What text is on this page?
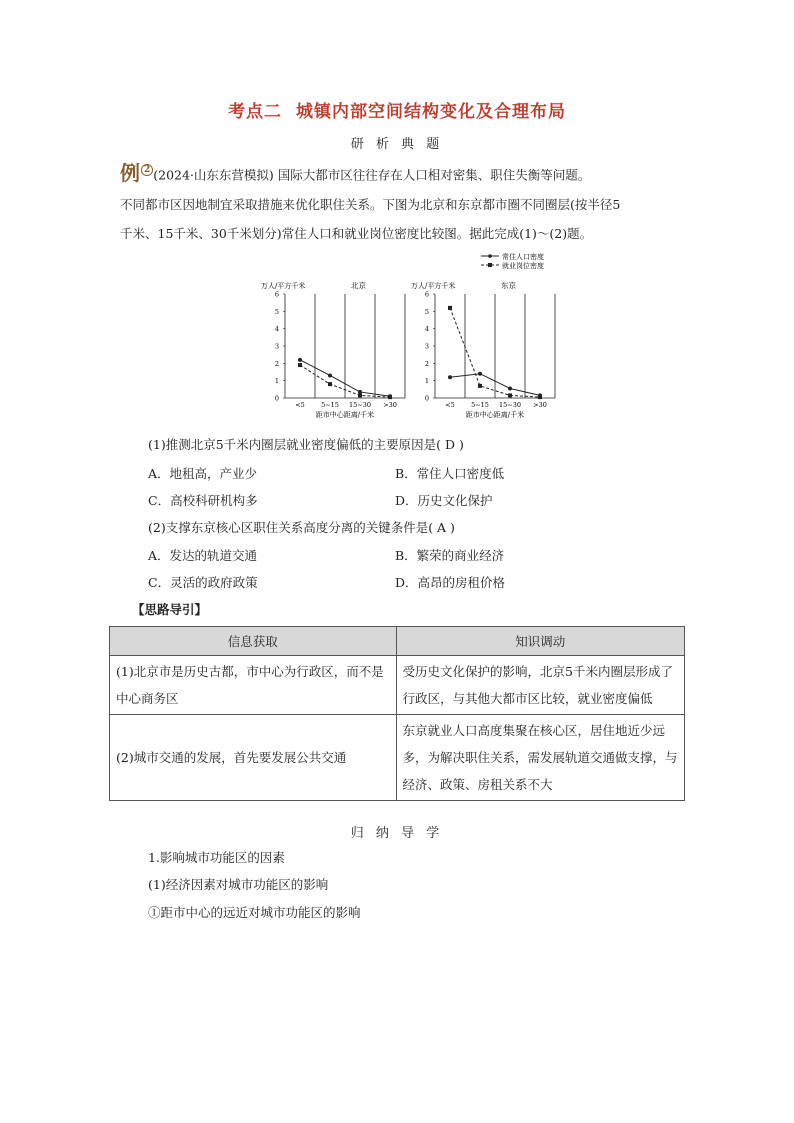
考点二 城镇内部空间结构变化及合理布局
研 析 典 题
例 $^2$ (2024·山东东营模拟) 国际大都市区往往存在人口相对密集、职住失衡等问题。
不同都市区因地制宜采取措施来优化职住关系。下图为北京和东京都市圈不同圈层(按半径5
千米、15千米、30千米划分)常住人口和就业岗位密度比较图。据此完成(1)～(2)题。
常住人口密度
就业岗位密度
万人/平方千米	北京
0
1
2
3
4
5
6
<5	5~15 15~30 >30
距市中心距离/千米
万人/平方千米	东京
0
1
2
3
4
5
6
<5	5~15 15~30 >30
距市中心距离/千米
(1)推测北京5千米内圈层就业密度偏低的主要原因是( D )
A．地租高，产业少	B．常住人口密度低
C．高校科研机构多	D．历史文化保护
(2)支撑东京核心区职住关系高度分离的关键条件是( A )
A．发达的轨道交通	B．繁荣的商业经济
C．灵活的政府政策	D．高昂的房租价格
【思路导引】
信息获取	知识调动
(1)北京市是历史古都，市中心为行政区，而不是中心商务区	受历史文化保护的影响，北京5千米内圈层形成了行政区，与其他大都市区比较，就业密度偏低
(2)城市交通的发展，首先要发展公共交通	东京就业人口高度集聚在核心区，居住地近少远多，为解决职住关系，需发展轨道交通做支撑，与经济、政策、房租关系不大
归 纳 导 学
1.影响城市功能区的因素
(1)经济因素对城市功能区的影响
①距市中心的远近对城市功能区的影响
